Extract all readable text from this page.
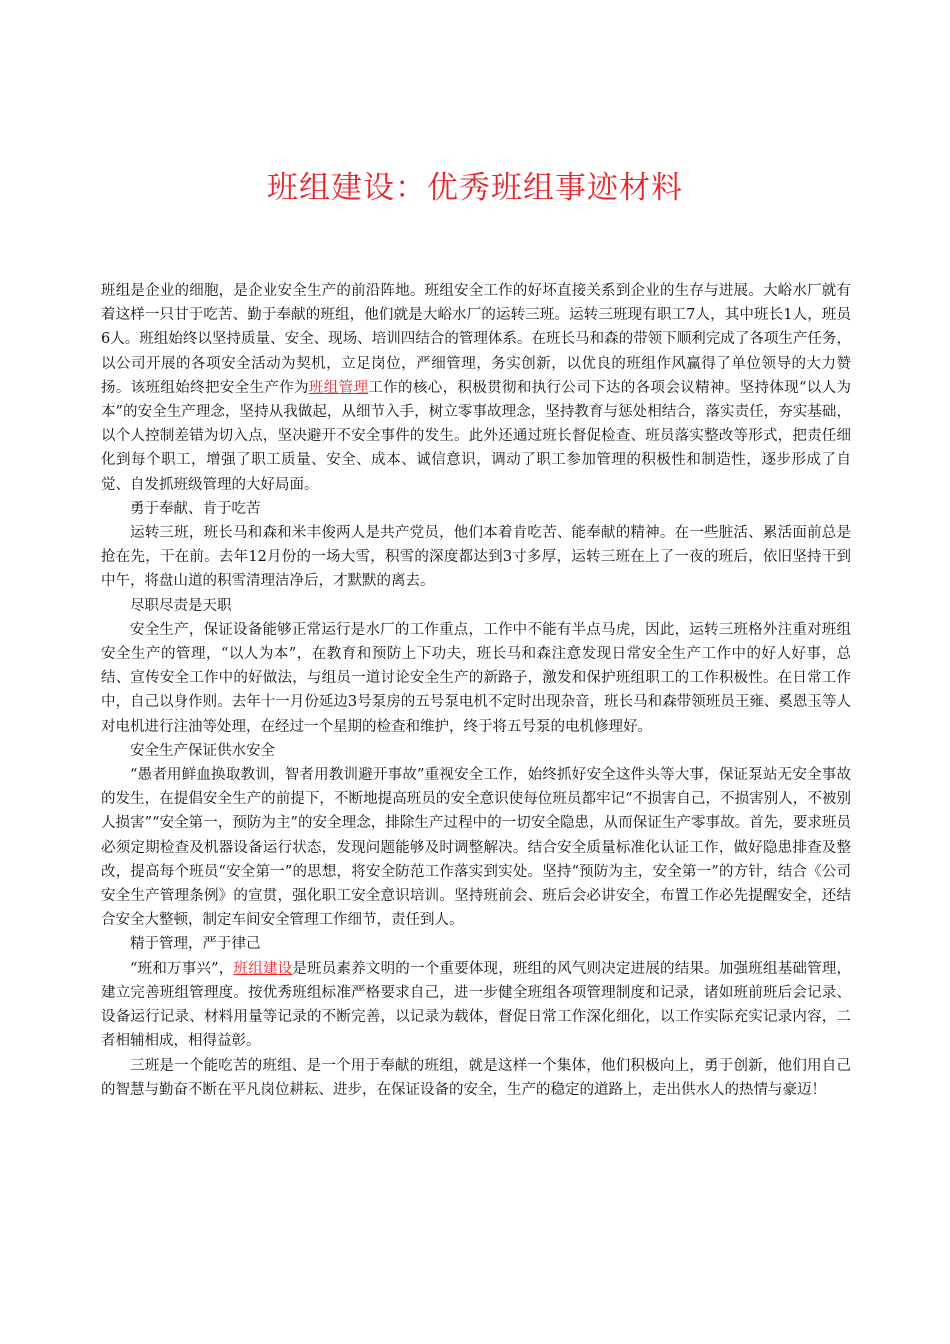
班组建设：优秀班组事迹材料

班组是企业的细胞，是企业安全生产的前沿阵地。班组安全工作的好坏直接关系到企业的生存与进展。大峪水厂就有着这样一只甘于吃苦、勤于奉献的班组，他们就是大峪水厂的运转三班。运转三班现有职工7人，其中班长1人，班员6人。班组始终以坚持质量、安全、现场、培训四结合的管理体系。在班长马和森的带领下顺利完成了各项生产任务，以公司开展的各项安全活动为契机，立足岗位，严细管理，务实创新，以优良的班组作风赢得了单位领导的大力赞扬。该班组始终把安全生产作为班组管理工作的核心，积极贯彻和执行公司下达的各项会议精神。坚持体现“以人为本”的安全生产理念，坚持从我做起，从细节入手，树立零事故理念，坚持教育与惩处相结合，落实责任，夯实基础，以个人控制差错为切入点，坚决避开不安全事件的发生。此外还通过班长督促检查、班员落实整改等形式，把责任细化到每个职工，增强了职工质量、安全、成本、诚信意识，调动了职工参加管理的积极性和制造性，逐步形成了自觉、自发抓班级管理的大好局面。

勇于奉献、肯于吃苦

运转三班，班长马和森和米丰俊两人是共产党员，他们本着肯吃苦、能奉献的精神。在一些脏活、累活面前总是抢在先，干在前。去年12月份的一场大雪，积雪的深度都达到3寸多厚，运转三班在上了一夜的班后，依旧坚持干到中午，将盘山道的积雪清理洁净后，才默默的离去。

尽职尽责是天职

安全生产，保证设备能够正常运行是水厂的工作重点，工作中不能有半点马虎，因此，运转三班格外注重对班组安全生产的管理，“以人为本”，在教育和预防上下功夫，班长马和森注意发现日常安全生产工作中的好人好事，总结、宣传安全工作中的好做法，与组员一道讨论安全生产的新路子，激发和保护班组职工的工作积极性。在日常工作中，自己以身作则。去年十一月份延边3号泵房的五号泵电机不定时出现杂音，班长马和森带领班员王雍、奚恩玉等人对电机进行注油等处理，在经过一个星期的检查和维护，终于将五号泵的电机修理好。

安全生产保证供水安全

“愚者用鲜血换取教训，智者用教训避开事故”重视安全工作，始终抓好安全这件头等大事，保证泵站无安全事故的发生，在提倡安全生产的前提下，不断地提高班员的安全意识使每位班员都牢记“不损害自己，不损害别人，不被别人损害”“安全第一，预防为主”的安全理念，排除生产过程中的一切安全隐患，从而保证生产零事故。首先，要求班员必须定期检查及机器设备运行状态，发现问题能够及时调整解决。结合安全质量标准化认证工作，做好隐患排查及整改，提高每个班员“安全第一”的思想，将安全防范工作落实到实处。坚持“预防为主，安全第一”的方针，结合《公司安全生产管理条例》的宣贯，强化职工安全意识培训。坚持班前会、班后会必讲安全，布置工作必先提醒安全，还结合安全大整顿，制定车间安全管理工作细节，责任到人。

精于管理，严于律己

“班和万事兴”，班组建设是班员素养文明的一个重要体现，班组的风气则决定进展的结果。加强班组基础管理，建立完善班组管理度。按优秀班组标准严格要求自己，进一步健全班组各项管理制度和记录，诸如班前班后会记录、设备运行记录、材料用量等记录的不断完善，以记录为载体，督促日常工作深化细化，以工作实际充实记录内容，二者相辅相成，相得益彰。

三班是一个能吃苦的班组、是一个用于奉献的班组，就是这样一个集体，他们积极向上，勇于创新，他们用自己的智慧与勤奋不断在平凡岗位耕耘、进步，在保证设备的安全，生产的稳定的道路上，走出供水人的热情与豪迈！
